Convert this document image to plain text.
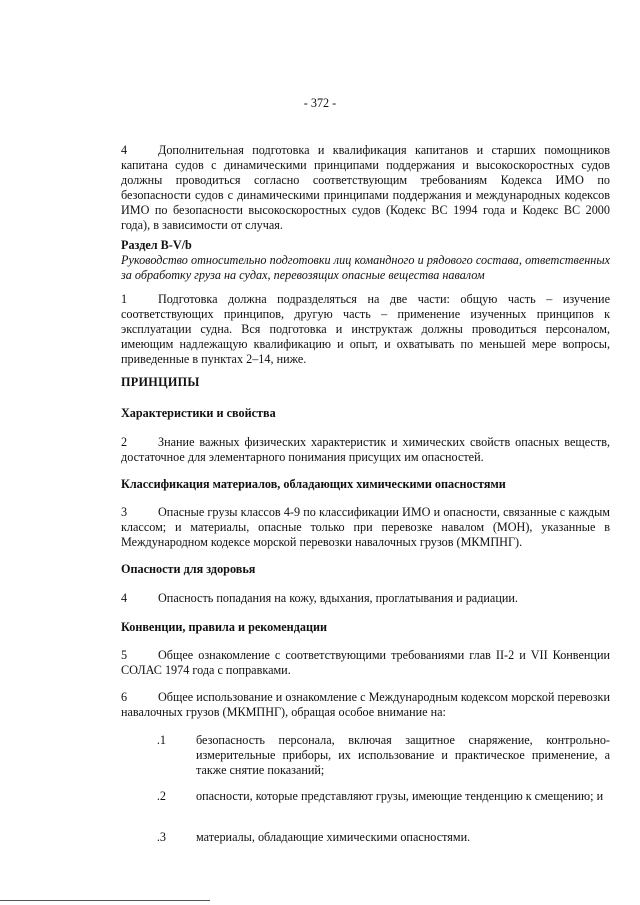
- 372 -

Дополнительная подготовка и квалификация капитанов и старших помощников капитана судов с динамическими принципами поддержания и высокоскоростных судов должны проводиться согласно соответствующим требованиям Кодекса ИМО по безопасности судов с динамическими принципами поддержания и международных кодексов ИМО по безопасности высокоскоростных судов (Кодекс ВС 1994 года и Кодекс ВС 2000 года), в зависимости от случая.

4
Раздел B-V/b

Руководство относительно подготовки лиц командного и рядового состава, ответственных за обработку груза на судах, перевозящих опасные вещества навалом

Подготовка должна подразделяться на две части: общую часть – изучение соответствующих принципов, другую часть – применение изученных принципов к эксплуатации судна. Вся подготовка и инструктаж должны проводиться персоналом, имеющим надлежащую квалификацию и опыт, и охватывать по меньшей мере вопросы, приведенные в пунктах 2–14, ниже.

1
ПРИНЦИПЫ
Характеристики и свойства

Знание важных физических характеристик и химических свойств опасных веществ, достаточное для элементарного понимания присущих им опасностей.

2
Классификация материалов, обладающих химическими опасностями

Опасные грузы классов 4-9 по классификации ИМО и опасности, связанные с каждым классом; и материалы, опасные только при перевозке навалом (МОН), указанные в Международном кодексе морской перевозки навалочных грузов (МКМПНГ).

3
Опасности для здоровья

Опасность попадания на кожу, вдыхания, проглатывания и радиации.

4
Конвенции, правила и рекомендации

Общее ознакомление с соответствующими требованиями глав II-2 и VII Конвенции СОЛАС 1974 года с поправками.

5

Общее использование и ознакомление с Международным кодексом морской перевозки навалочных грузов (МКМПНГ), обращая особое внимание на:

6
.1 безопасность персонала, включая защитное снаряжение, контрольно-измерительные приборы, их использование и практическое применение, а также снятие показаний;
.2 опасности, которые представляют грузы, имеющие тенденцию к смещению; и
.3 материалы, обладающие химическими опасностями.
